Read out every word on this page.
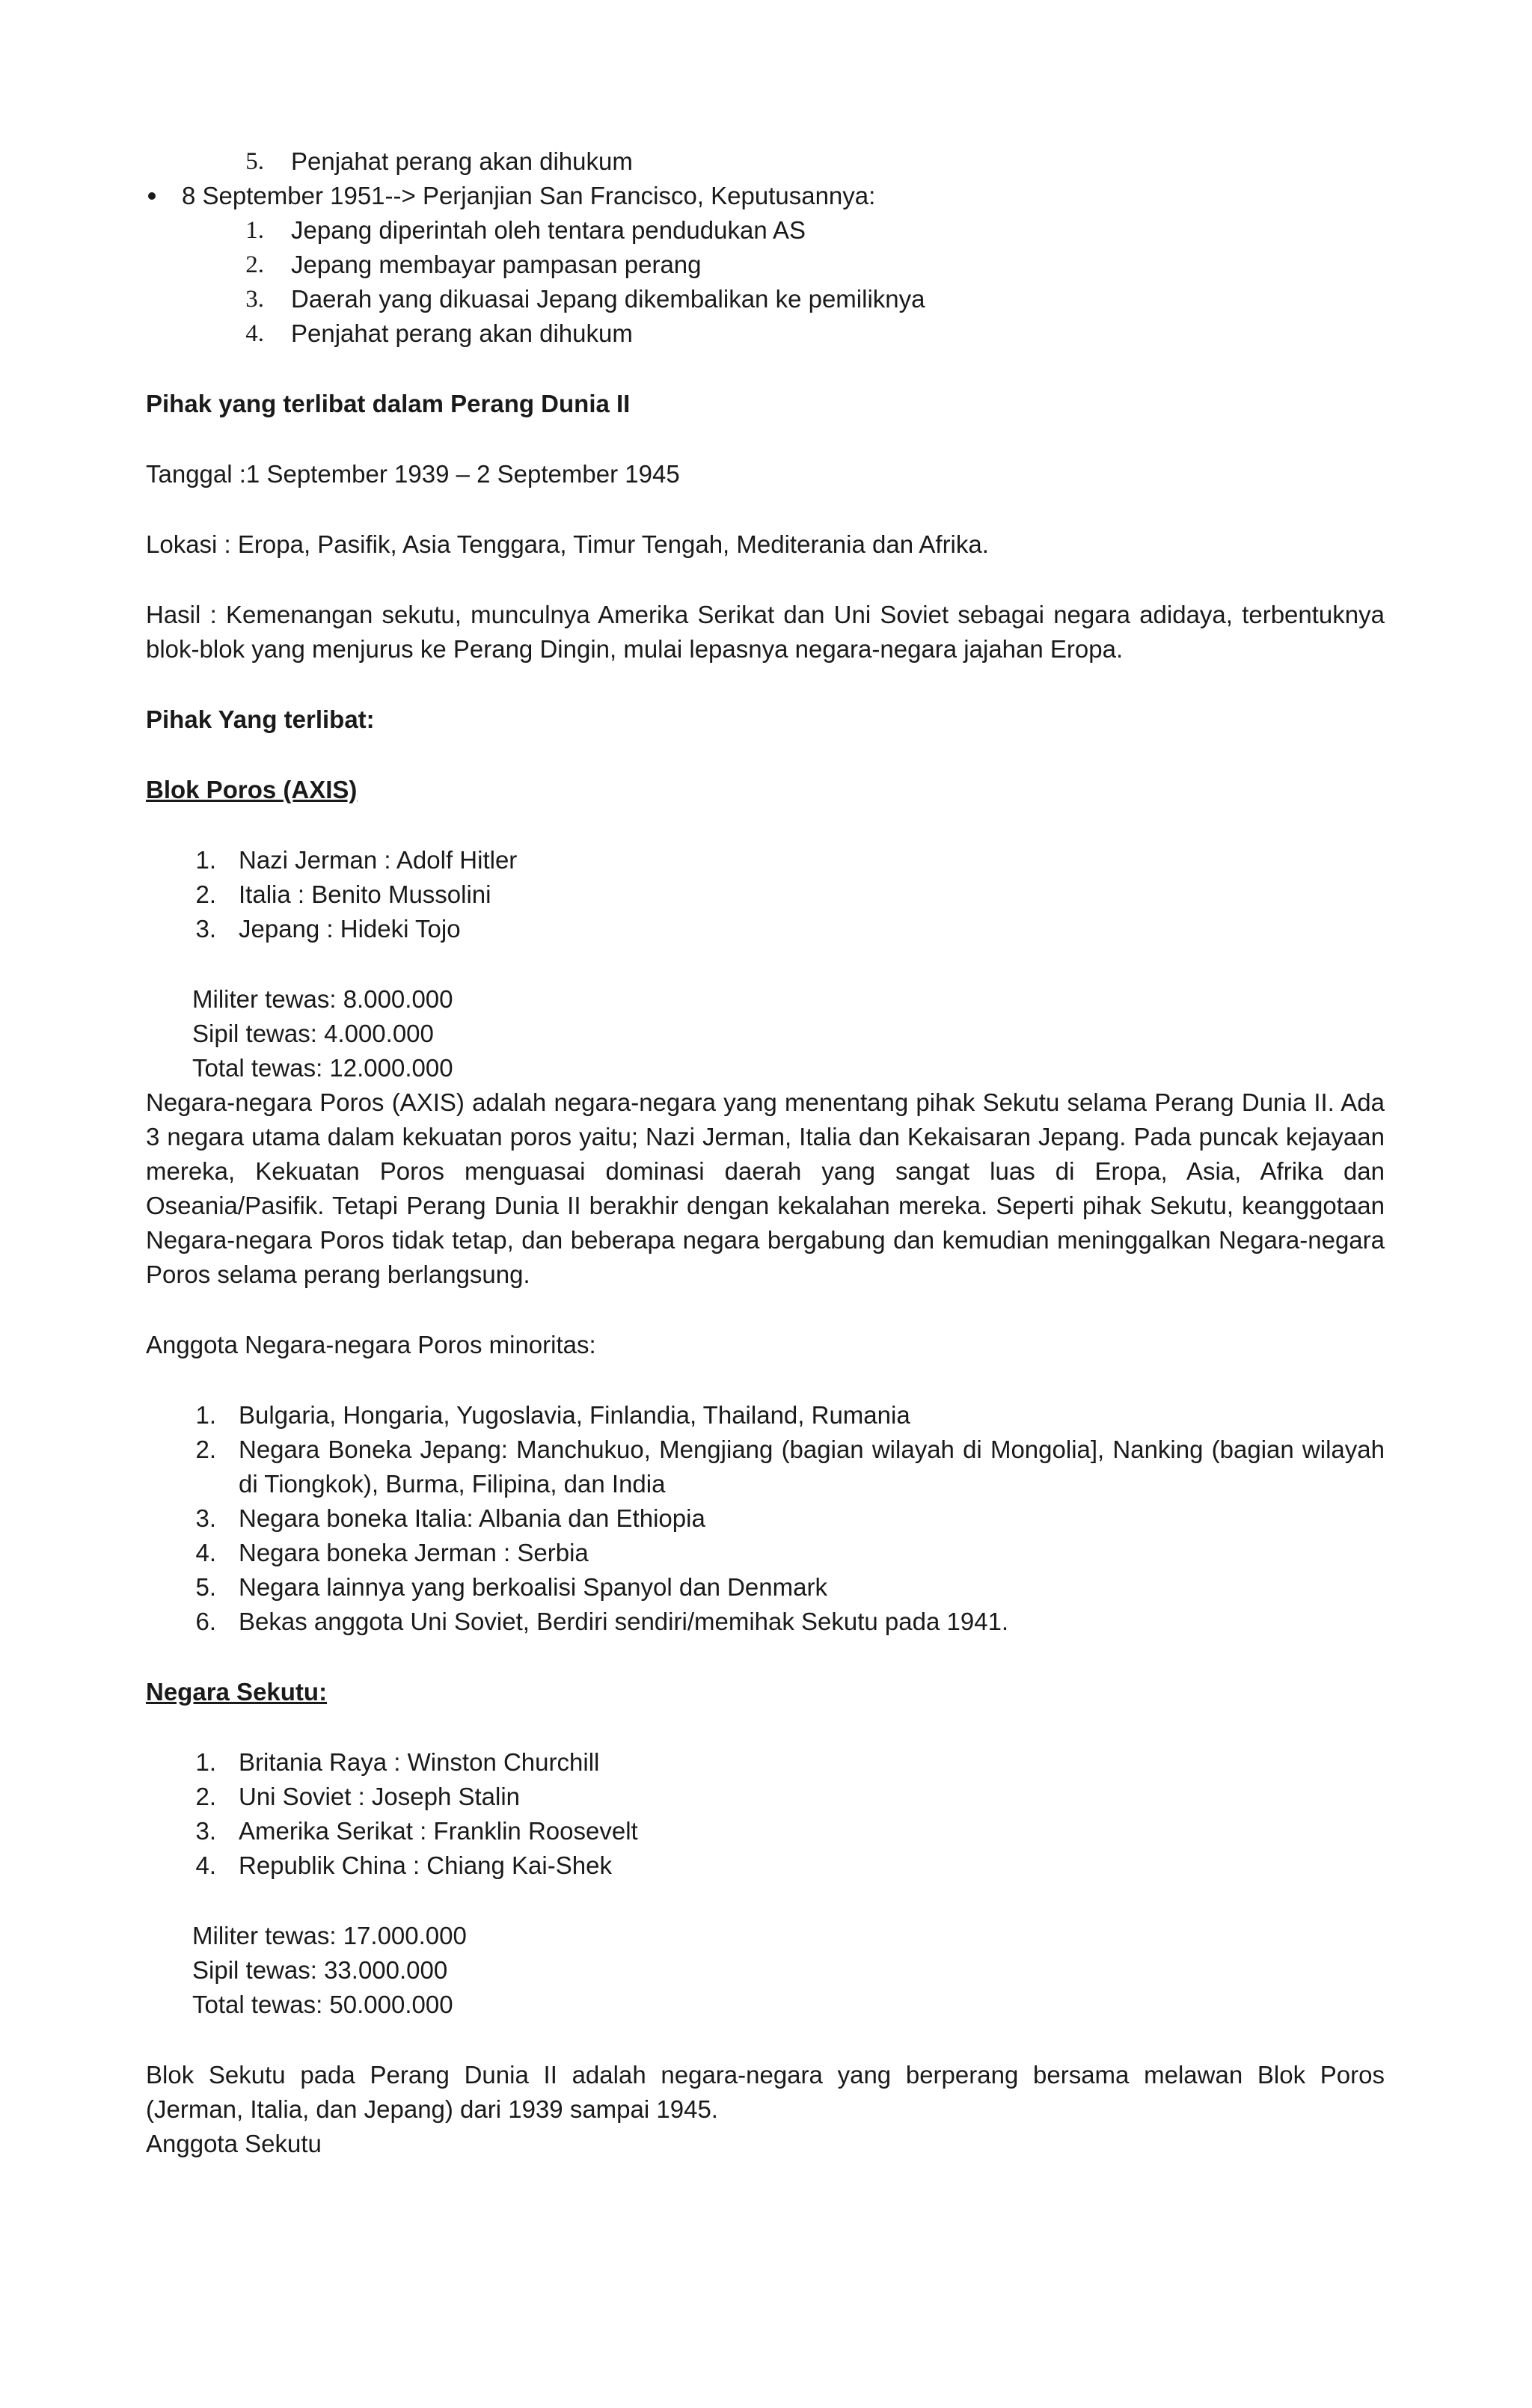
5.	Penjahat perang akan dihukum
8 September 1951--> Perjanjian San Francisco, Keputusannya:
1.	Jepang diperintah oleh tentara pendudukan AS
2.	Jepang membayar pampasan perang
3.	Daerah yang dikuasai Jepang dikembalikan ke pemiliknya
4.	Penjahat perang akan dihukum
Pihak yang terlibat dalam Perang Dunia II
Tanggal :1 September 1939 – 2 September 1945
Lokasi : Eropa, Pasifik, Asia Tenggara, Timur Tengah, Mediterania dan Afrika.
Hasil : Kemenangan sekutu, munculnya Amerika Serikat dan Uni Soviet sebagai negara adidaya, terbentuknya blok-blok yang menjurus ke Perang Dingin, mulai lepasnya negara-negara jajahan Eropa.
Pihak Yang terlibat:
Blok Poros (AXIS)
1. Nazi Jerman : Adolf Hitler
2. Italia : Benito Mussolini
3. Jepang : Hideki Tojo
Militer tewas: 8.000.000
Sipil tewas: 4.000.000
Total tewas: 12.000.000
Negara-negara Poros (AXIS) adalah negara-negara yang menentang pihak Sekutu selama Perang Dunia II. Ada 3 negara utama dalam kekuatan poros yaitu; Nazi Jerman, Italia dan Kekaisaran Jepang. Pada puncak kejayaan mereka, Kekuatan Poros menguasai dominasi daerah yang sangat luas di Eropa, Asia, Afrika dan Oseania/Pasifik. Tetapi Perang Dunia II berakhir dengan kekalahan mereka. Seperti pihak Sekutu, keanggotaan Negara-negara Poros tidak tetap, dan beberapa negara bergabung dan kemudian meninggalkan Negara-negara Poros selama perang berlangsung.
Anggota Negara-negara Poros minoritas:
1. Bulgaria, Hongaria, Yugoslavia, Finlandia, Thailand, Rumania
2. Negara Boneka Jepang: Manchukuo, Mengjiang (bagian wilayah di Mongolia], Nanking (bagian wilayah di Tiongkok), Burma, Filipina, dan India
3. Negara boneka Italia: Albania dan Ethiopia
4. Negara boneka Jerman : Serbia
5. Negara lainnya yang berkoalisi Spanyol dan Denmark
6. Bekas anggota Uni Soviet, Berdiri sendiri/memihak Sekutu pada 1941.
Negara Sekutu:
1. Britania Raya : Winston Churchill
2. Uni Soviet : Joseph Stalin
3. Amerika Serikat : Franklin Roosevelt
4. Republik China : Chiang Kai-Shek
Militer tewas: 17.000.000
Sipil tewas: 33.000.000
Total tewas: 50.000.000
Blok Sekutu pada Perang Dunia II adalah negara-negara yang berperang bersama melawan Blok Poros (Jerman, Italia, dan Jepang) dari 1939 sampai 1945.
Anggota Sekutu
